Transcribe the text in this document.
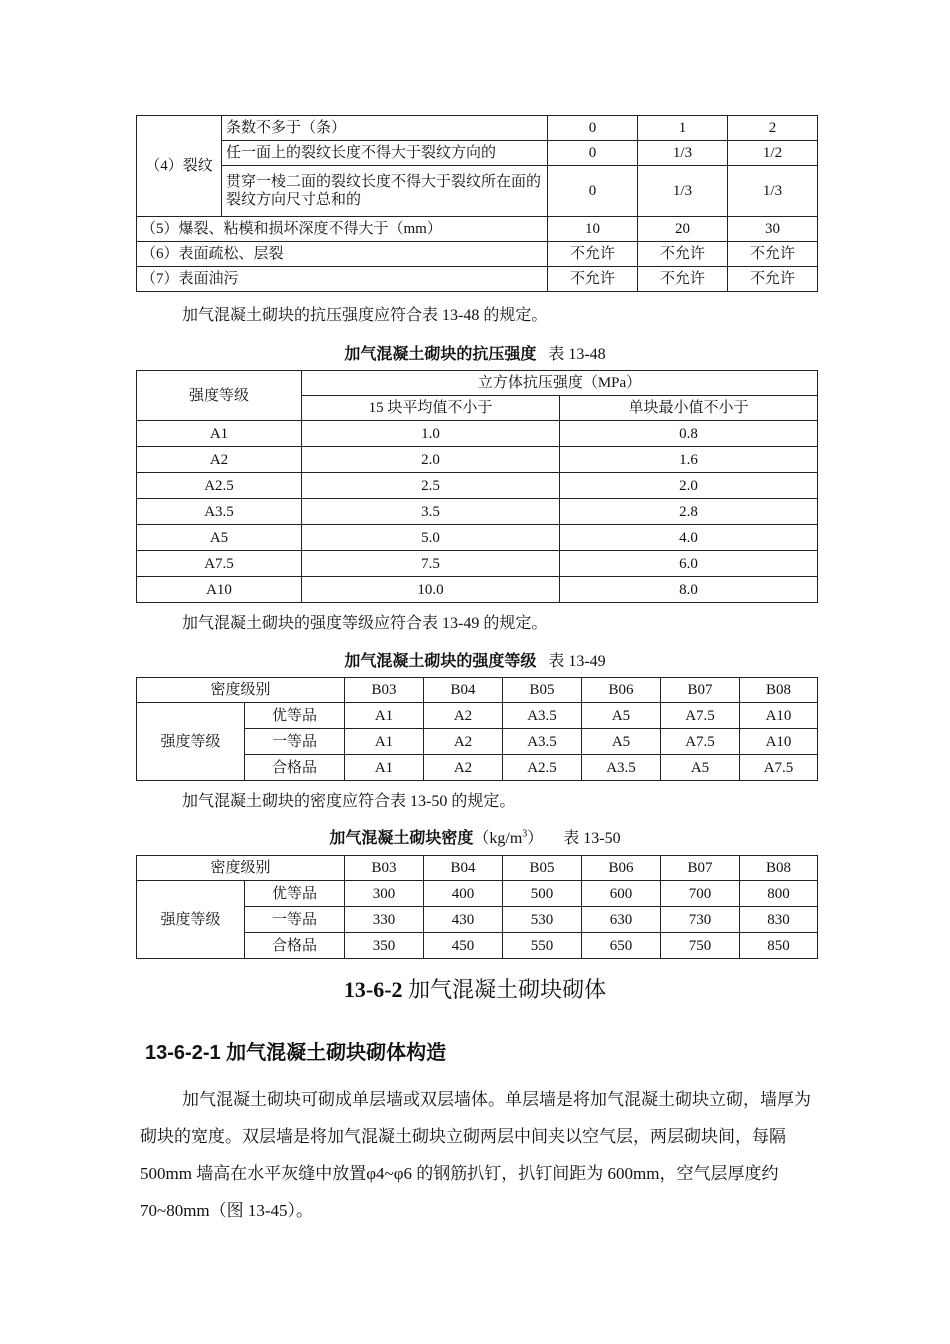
（4）裂纹	条数不多于（条）	0	1	2
	任一面上的裂纹长度不得大于裂纹方向的	0	1/3	1/2
	贯穿一棱二面的裂纹长度不得大于裂纹所在面的裂纹方向尺寸总和的	0	1/3	1/3
（5）爆裂、粘模和损坏深度不得大于（mm）		10	20	30
（6）表面疏松、层裂		不允许	不允许	不允许
（7）表面油污		不允许	不允许	不允许
加气混凝土砌块的抗压强度应符合表 13-48 的规定。
加气混凝土砌块的抗压强度 表 13-48
强度等级	立方体抗压强度（MPa）	
	15 块平均值不小于	单块最小值不小于
A1	1.0	0.8
A2	2.0	1.6
A2.5	2.5	2.0
A3.5	3.5	2.8
A5	5.0	4.0
A7.5	7.5	6.0
A10	10.0	8.0
加气混凝土砌块的强度等级应符合表 13-49 的规定。
加气混凝土砌块的强度等级 表 13-49
密度级别		B03	B04	B05	B06	B07	B08
强度等级	优等品	A1	A2	A3.5	A5	A7.5	A10
	一等品	A1	A2	A3.5	A5	A7.5	A10
	合格品	A1	A2	A2.5	A3.5	A5	A7.5
加气混凝土砌块的密度应符合表 13-50 的规定。
加气混凝土砌块密度$(kg/m^3)$ 表 13-50
密度级别		B03	B04	B05	B06	B07	B08
强度等级	优等品	300	400	500	600	700	800
	一等品	330	430	530	630	730	830
	合格品	350	450	550	650	750	850
13-6-2 加气混凝土砌块砌体
13-6-2-1 加气混凝土砌块砌体构造
加气混凝土砌块可砌成单层墙或双层墙体。单层墙是将加气混凝土砌块立砌，墙厚为砌块的宽度。双层墙是将加气混凝土砌块立砌两层中间夹以空气层，两层砌块间，每隔 500mm 墙高在水平灰缝中放置φ4~φ6 的钢筋扒钉，扒钉间距为 600mm，空气层厚度约 70~80mm（图 13-45）。
